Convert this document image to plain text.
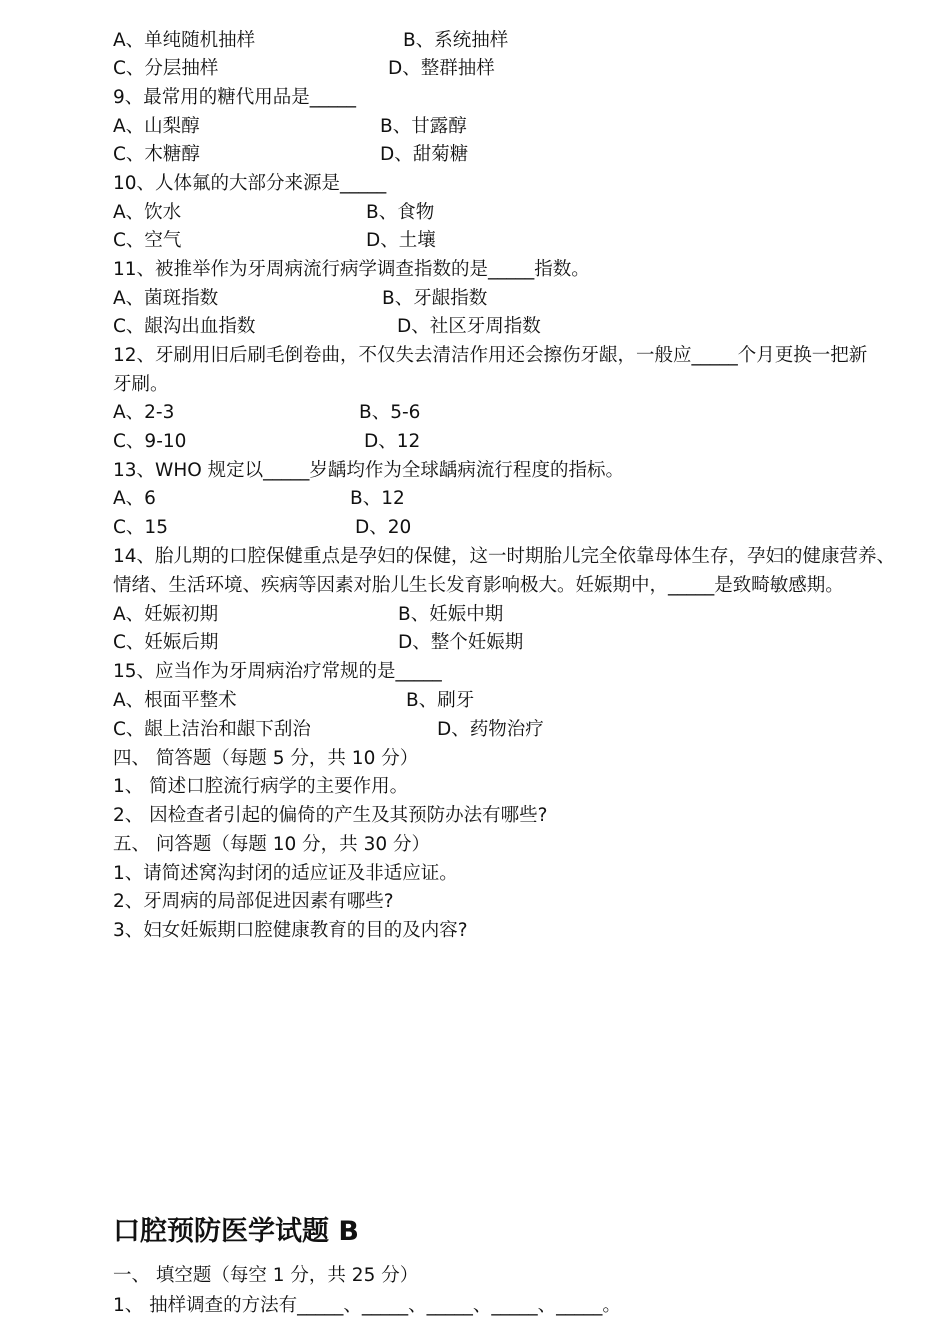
A、单纯随机抽样	B、系统抽样
C、分层抽样	D、整群抽样
9、最常用的糖代用品是_____
A、山梨醇	B、甘露醇
C、木糖醇	D、甜菊糖
10、人体氟的大部分来源是_____
A、饮水	B、食物
C、空气	D、土壤
11、被推举作为牙周病流行病学调查指数的是_____指数。
A、菌斑指数	B、牙龈指数
C、龈沟出血指数	D、社区牙周指数
12、牙刷用旧后刷毛倒卷曲，不仅失去清洁作用还会擦伤牙龈，一般应_____个月更换一把新
牙刷。
A、2-3	B、5-6
C、9-10	D、12
13、WHO 规定以_____岁龋均作为全球龋病流行程度的指标。
A、6	B、12
C、15	D、20
14、胎儿期的口腔保健重点是孕妇的保健，这一时期胎儿完全依靠母体生存，孕妇的健康营养、
情绪、生活环境、疾病等因素对胎儿生长发育影响极大。妊娠期中，_____是致畸敏感期。
A、妊娠初期	B、妊娠中期
C、妊娠后期	D、整个妊娠期
15、应当作为牙周病治疗常规的是_____
A、根面平整术	B、刷牙
C、龈上洁治和龈下刮治	D、药物治疗
四、 简答题（每题 5 分，共 10 分）
1、 简述口腔流行病学的主要作用。
2、 因检查者引起的偏倚的产生及其预防办法有哪些?
五、 问答题（每题 10 分，共 30 分）
1、请简述窝沟封闭的适应证及非适应证。
2、牙周病的局部促进因素有哪些?
3、妇女妊娠期口腔健康教育的目的及内容?
口腔预防医学试题 B
一、 填空题（每空 1 分，共 25 分）
1、 抽样调查的方法有_____、_____、_____、_____、_____。
